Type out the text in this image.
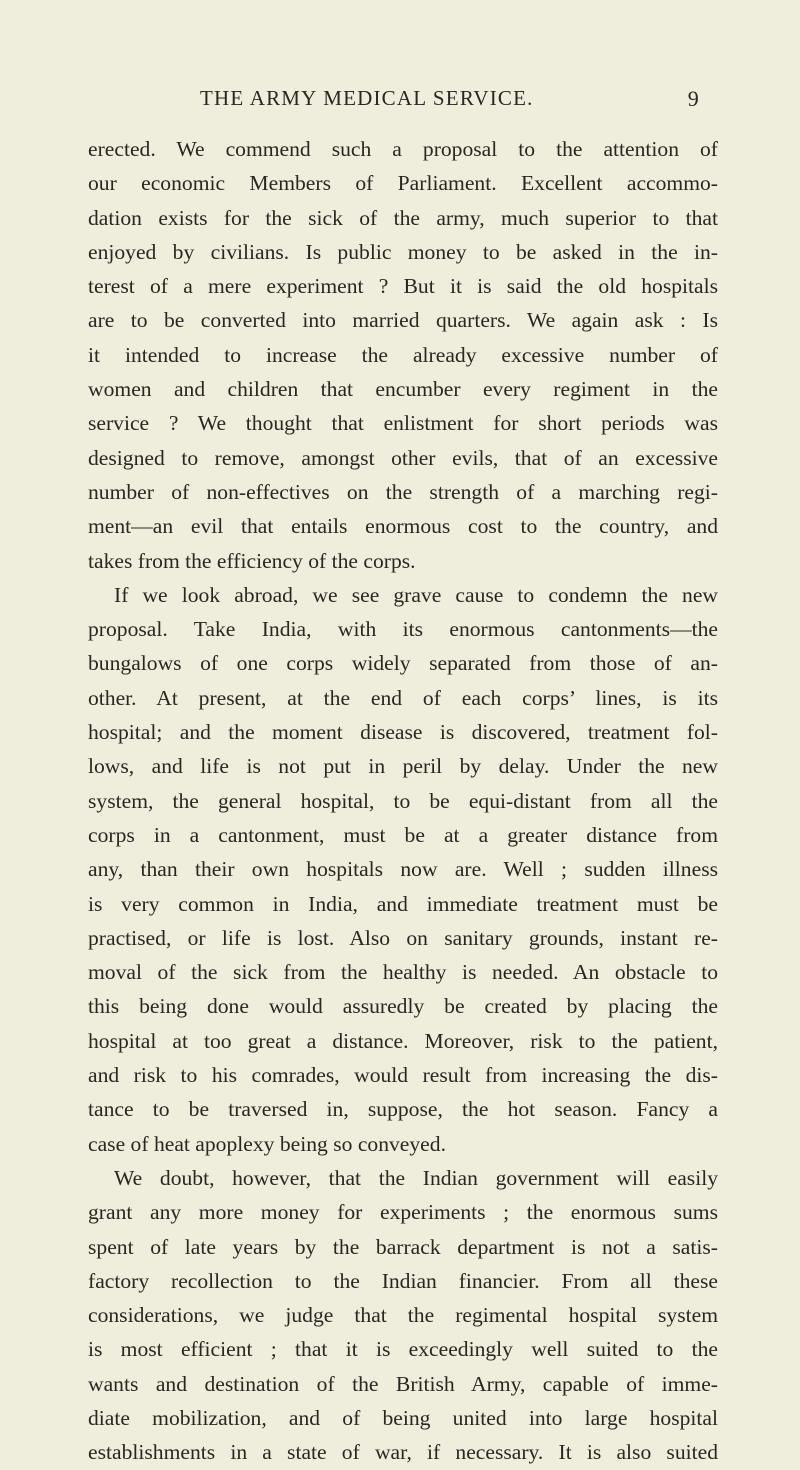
THE ARMY MEDICAL SERVICE.	9
erected. We commend such a proposal to the attention of
our economic Members of Parliament. Excellent accommo-
dation exists for the sick of the army, much superior to that
enjoyed by civilians. Is public money to be asked in the in-
terest of a mere experiment ? But it is said the old hospitals
are to be converted into married quarters. We again ask : Is
it intended to increase the already excessive number of
women and children that encumber every regiment in the
service ? We thought that enlistment for short periods was
designed to remove, amongst other evils, that of an excessive
number of non-effectives on the strength of a marching regi-
ment—an evil that entails enormous cost to the country, and
takes from the efficiency of the corps.
If we look abroad, we see grave cause to condemn the new
proposal. Take India, with its enormous cantonments—the
bungalows of one corps widely separated from those of an-
other. At present, at the end of each corps’ lines, is its
hospital; and the moment disease is discovered, treatment fol-
lows, and life is not put in peril by delay. Under the new
system, the general hospital, to be equi-distant from all the
corps in a cantonment, must be at a greater distance from
any, than their own hospitals now are. Well ; sudden illness
is very common in India, and immediate treatment must be
practised, or life is lost. Also on sanitary grounds, instant re-
moval of the sick from the healthy is needed. An obstacle to
this being done would assuredly be created by placing the
hospital at too great a distance. Moreover, risk to the patient,
and risk to his comrades, would result from increasing the dis-
tance to be traversed in, suppose, the hot season. Fancy a
case of heat apoplexy being so conveyed.
We doubt, however, that the Indian government will easily
grant any more money for experiments ; the enormous sums
spent of late years by the barrack department is not a satis-
factory recollection to the Indian financier. From all these
considerations, we judge that the regimental hospital system
is most efficient ; that it is exceedingly well suited to the
wants and destination of the British Army, capable of imme-
diate mobilization, and of being united into large hospital
establishments in a state of war, if necessary. It is also suited
